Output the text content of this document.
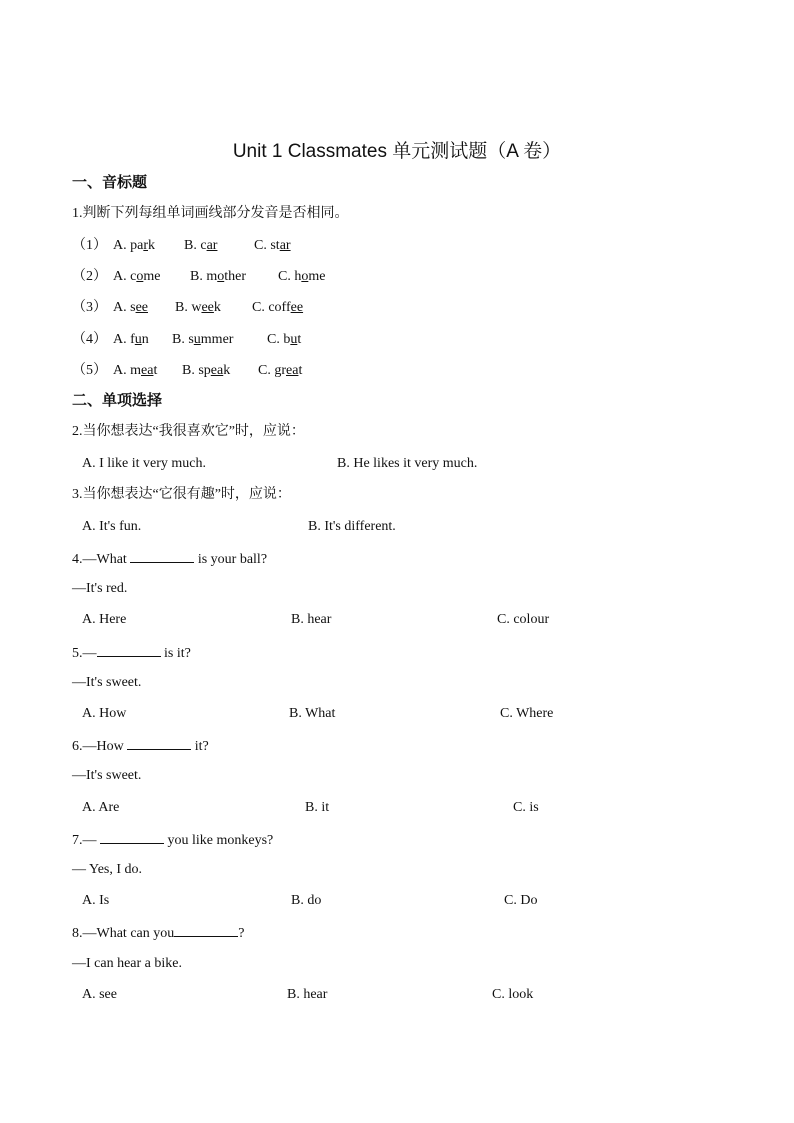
Unit 1 Classmates 单元测试题（A 卷）
一、音标题
1.判断下列每组单词画线部分发音是否相同。
（1） A. park B. car	C. star
（2） A. come B. mother C. home
（3） A. see B. week C. coffee
（4） A. fun B. summer C. but
（5） A. meat B. speak C. great
二、单项选择
2.当你想表达“我很喜欢它”时，应说：
A. I like it very much.	B. He likes it very much.
3.当你想表达“它很有趣”时，应说：
A. It's fun.	B. It's different.
4.—What	is your ball?
—It's red.
A. Here	B. hear	C. colour
5.—	is it?
—It's sweet.
A. How	B. What	C. Where
6.—How	it?
—It's sweet.
A. Are	B. it	C. is
7.—	you like monkeys?
— Yes, I do.
A. Is	B. do	C. Do
8.—What can you	?
—I can hear a bike.
A. see	B. hear	C. look
